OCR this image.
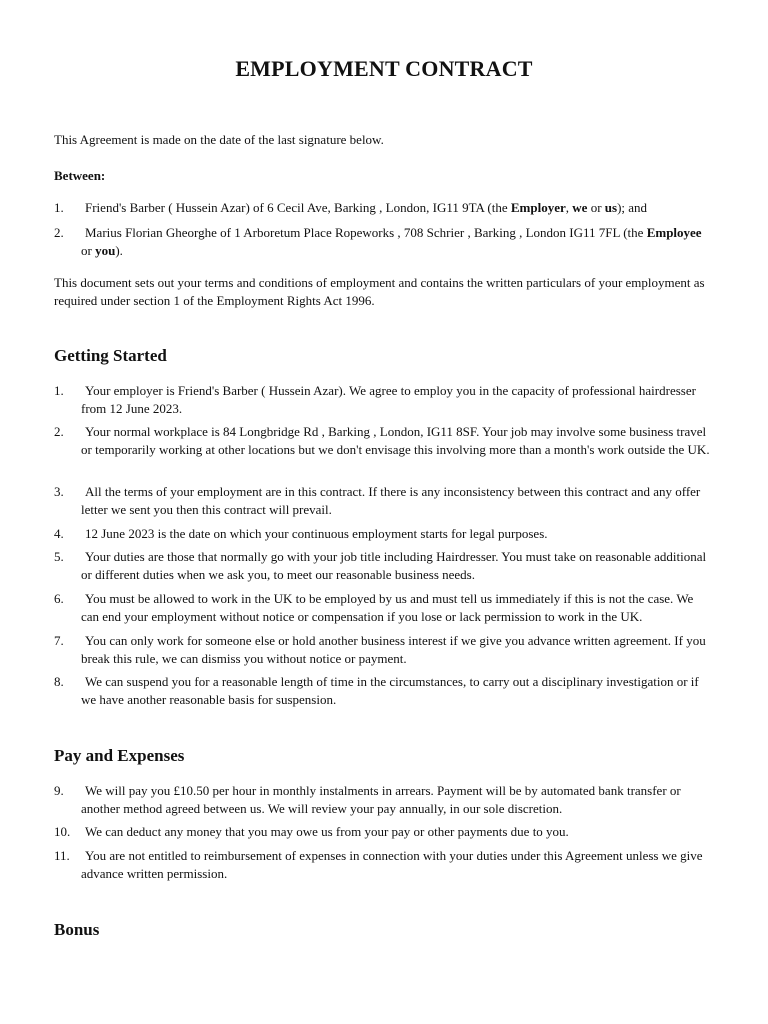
EMPLOYMENT CONTRACT
This Agreement is made on the date of the last signature below.
Between:
1.	Friend's Barber ( Hussein Azar) of 6 Cecil Ave, Barking , London, IG11 9TA (the Employer, we or us); and
2.	Marius Florian Gheorghe of 1 Arboretum Place Ropeworks , 708 Schrier , Barking , London IG11 7FL (the Employee or you).
This document sets out your terms and conditions of employment and contains the written particulars of your employment as required under section 1 of the Employment Rights Act 1996.
Getting Started
1.	Your employer is Friend's Barber ( Hussein Azar). We agree to employ you in the capacity of professional hairdresser from 12 June 2023.
2.	Your normal workplace is 84 Longbridge Rd , Barking , London, IG11 8SF. Your job may involve some business travel or temporarily working at other locations but we don't envisage this involving more than a month's work outside the UK.
3.	All the terms of your employment are in this contract. If there is any inconsistency between this contract and any offer letter we sent you then this contract will prevail.
4.	12 June 2023 is the date on which your continuous employment starts for legal purposes.
5.	Your duties are those that normally go with your job title including Hairdresser. You must take on reasonable additional or different duties when we ask you, to meet our reasonable business needs.
6.	You must be allowed to work in the UK to be employed by us and must tell us immediately if this is not the case. We can end your employment without notice or compensation if you lose or lack permission to work in the UK.
7.	You can only work for someone else or hold another business interest if we give you advance written agreement. If you break this rule, we can dismiss you without notice or payment.
8.	We can suspend you for a reasonable length of time in the circumstances, to carry out a disciplinary investigation or if we have another reasonable basis for suspension.
Pay and Expenses
9.	We will pay you £10.50 per hour in monthly instalments in arrears. Payment will be by automated bank transfer or another method agreed between us. We will review your pay annually, in our sole discretion.
10.	We can deduct any money that you may owe us from your pay or other payments due to you.
11.	You are not entitled to reimbursement of expenses in connection with your duties under this Agreement unless we give advance written permission.
Bonus
